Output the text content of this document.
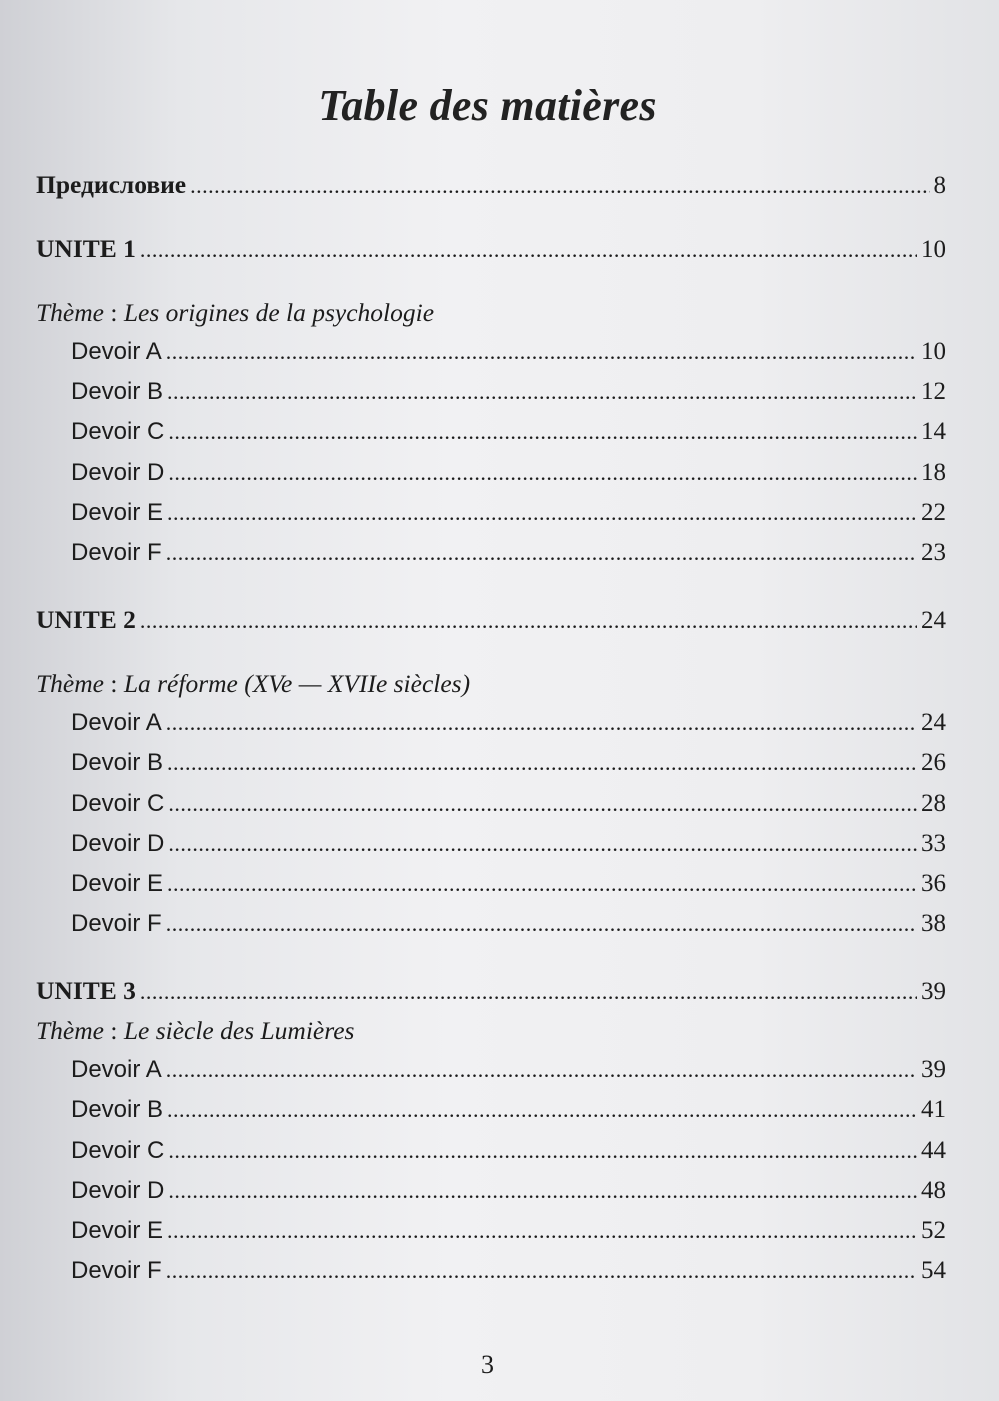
Table des matières
Предисловие .....	8
UNITE 1 .....	10
Thème : Les origines de la psychologie
Devoir A .....	10
Devoir B .....	12
Devoir C .....	14
Devoir D .....	18
Devoir E .....	22
Devoir F .....	23
UNITE 2 .....	24
Thème : La réforme (XVe — XVIIe siècles)
Devoir A .....	24
Devoir B .....	26
Devoir C .....	28
Devoir D .....	33
Devoir E .....	36
Devoir F .....	38
UNITE 3 .....	39
Thème : Le siècle des Lumières
Devoir A .....	39
Devoir B .....	41
Devoir C .....	44
Devoir D .....	48
Devoir E .....	52
Devoir F .....	54
3
